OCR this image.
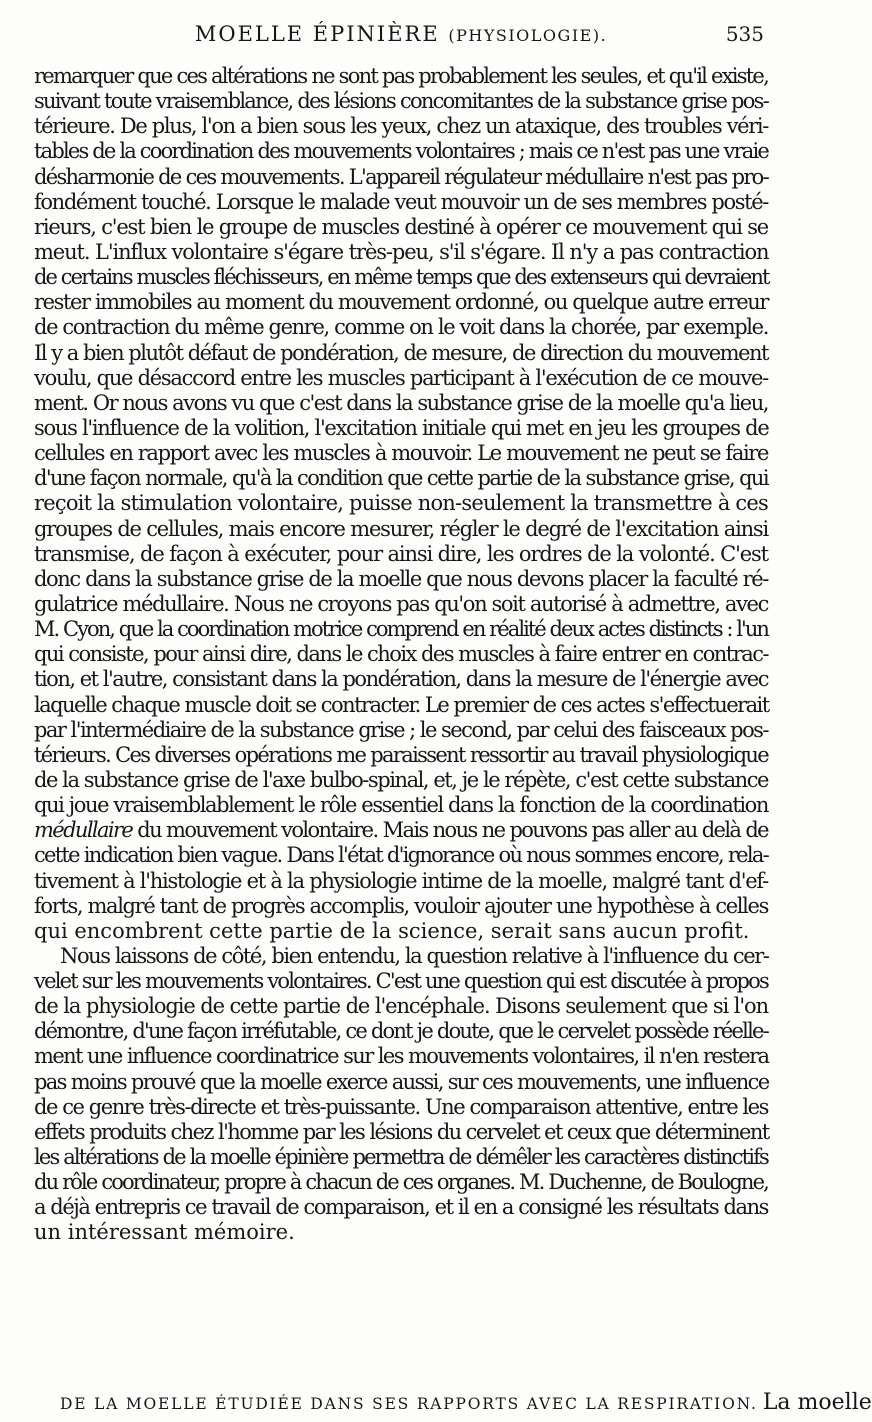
MOELLE ÉPINIÈRE (PHYSIOLOGIE).	535
remarquer que ces altérations ne sont pas probablement les seules, et qu'il existe,
suivant toute vraisemblance, des lésions concomitantes de la substance grise pos-
térieure. De plus, l'on a bien sous les yeux, chez un ataxique, des troubles véri-
tables de la coordination des mouvements volontaires ; mais ce n'est pas une vraie
désharmonie de ces mouvements. L'appareil régulateur médullaire n'est pas pro-
fondément touché. Lorsque le malade veut mouvoir un de ses membres posté-
rieurs, c'est bien le groupe de muscles destiné à opérer ce mouvement qui se
meut. L'influx volontaire s'égare très-peu, s'il s'égare. Il n'y a pas contraction
de certains muscles fléchisseurs, en même temps que des extenseurs qui devraient
rester immobiles au moment du mouvement ordonné, ou quelque autre erreur
de contraction du même genre, comme on le voit dans la chorée, par exemple.
Il y a bien plutôt défaut de pondération, de mesure, de direction du mouvement
voulu, que désaccord entre les muscles participant à l'exécution de ce mouve-
ment. Or nous avons vu que c'est dans la substance grise de la moelle qu'a lieu,
sous l'influence de la volition, l'excitation initiale qui met en jeu les groupes de
cellules en rapport avec les muscles à mouvoir. Le mouvement ne peut se faire
d'une façon normale, qu'à la condition que cette partie de la substance grise, qui
reçoit la stimulation volontaire, puisse non-seulement la transmettre à ces
groupes de cellules, mais encore mesurer, régler le degré de l'excitation ainsi
transmise, de façon à exécuter, pour ainsi dire, les ordres de la volonté. C'est
donc dans la substance grise de la moelle que nous devons placer la faculté ré-
gulatrice médullaire. Nous ne croyons pas qu'on soit autorisé à admettre, avec
M. Cyon, que la coordination motrice comprend en réalité deux actes distincts : l'un
qui consiste, pour ainsi dire, dans le choix des muscles à faire entrer en contrac-
tion, et l'autre, consistant dans la pondération, dans la mesure de l'énergie avec
laquelle chaque muscle doit se contracter. Le premier de ces actes s'effectuerait
par l'intermédiaire de la substance grise ; le second, par celui des faisceaux pos-
térieurs. Ces diverses opérations me paraissent ressortir au travail physiologique
de la substance grise de l'axe bulbo-spinal, et, je le répète, c'est cette substance
qui joue vraisemblablement le rôle essentiel dans la fonction de la coordination
médullaire du mouvement volontaire. Mais nous ne pouvons pas aller au delà de
cette indication bien vague. Dans l'état d'ignorance où nous sommes encore, rela-
tivement à l'histologie et à la physiologie intime de la moelle, malgré tant d'ef-
forts, malgré tant de progrès accomplis, vouloir ajouter une hypothèse à celles
qui encombrent cette partie de la science, serait sans aucun profit.
Nous laissons de côté, bien entendu, la question relative à l'influence du cer-
velet sur les mouvements volontaires. C'est une question qui est discutée à propos
de la physiologie de cette partie de l'encéphale. Disons seulement que si l'on
démontre, d'une façon irréfutable, ce dont je doute, que le cervelet possède réelle-
ment une influence coordinatrice sur les mouvements volontaires, il n'en restera
pas moins prouvé que la moelle exerce aussi, sur ces mouvements, une influence
de ce genre très-directe et très-puissante. Une comparaison attentive, entre les
effets produits chez l'homme par les lésions du cervelet et ceux que déterminent
les altérations de la moelle épinière permettra de démêler les caractères distinctifs
du rôle coordinateur, propre à chacun de ces organes. M. Duchenne, de Boulogne,
a déjà entrepris ce travail de comparaison, et il en a consigné les résultats dans
un intéressant mémoire.
DE LA MOELLE ÉTUDIÉE DANS SES RAPPORTS AVEC LA RESPIRATION. La moelle
